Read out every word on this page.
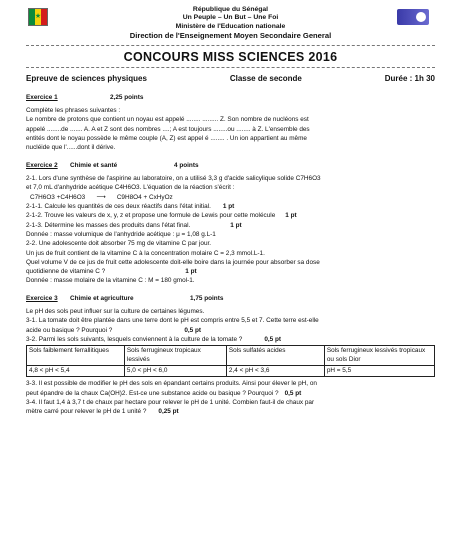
★
République du Sénégal
Un Peuple – Un But – Une Foi
Ministère de l'Education nationale
Direction de l'Enseignement Moyen Secondaire General
CONCOURS MISS SCIENCES 2016
Epreuve de sciences physiques	Classe de seconde	Durée : 1h 30
Exercice 1	2,25 points

Complète les phrases suivantes :

Le nombre de protons que contient un noyau est appelé ........ ......... Z. Son nombre de nucléons est

appelé ........de ....... A. A et Z sont des nombres ....; A est toujours ........ou ........ à Z. L'ensemble des

entités dont le noyau possède le même couple (A, Z) est appel é ........ . Un ion appartient au même

nucléide que l'......dont il dérive.

Exercice 2	Chimie et santé	4 points

2-1. Lors d'une synthèse de l'aspirine au laboratoire, on a utilisé 3,3 g d'acide salicylique solide C7H6O3

et 7,0 mL d'anhydride acétique C4H6O3. L'équation de la réaction s'écrit :

C7H6O3 +C4H6O3 ⟶ C9H8O4 + CxHyOz

2-1-1. Calcule les quantités de ces deux réactifs dans l'état initial. 1 pt

2-1-2. Trouve les valeurs de x, y, z et propose une formule de Lewis pour cette molécule 1 pt

2-1-3. Détermine les masses des produits dans l'état final.	1 pt

Donnée : masse volumique de l'anhydride acétique : μ = 1,08 g.L-1

2-2. Une adolescente doit absorber 75 mg de vitamine C par jour.

Un jus de fruit contient de la vitamine C à la concentration molaire C = 2,3 mmol.L-1.

Quel volume V de ce jus de fruit cette adolescente doit-elle boire dans la journée pour absorber sa dose

quotidienne de vitamine C ?	1 pt

Donnée : masse molaire de la vitamine C : M = 180 gmol-1.

Exercice 3	Chimie et agriculture	1,75 points

Le pH des sols peut influer sur la culture de certaines légumes.

3-1. La tomate doit être plantée dans une terre dont le pH est compris entre 5,5 et 7. Cette terre est-elle

acide ou basique ? Pourquoi ?	0,5 pt

3-2. Parmi les sols suivants, lesquels conviennent à la culture de la tomate ?	0,5 pt

Sols faiblement ferrallitiques	Sols ferrugineux tropicaux lessivés	Sols sulfatés acides	Sols ferrugineux lessivés tropicaux ou sols Dior
4,8 < pH < 5,4	5,0 < pH < 6,0	2,4 < pH < 3,6	pH = 5,5

3-3. Il est possible de modifier le pH des sols en épandant certains produits. Ainsi pour élever le pH, on

peut épandre de la chaux Ca(OH)2. Est-ce une substance acide ou basique ? Pourquoi ? 0,5 pt

3-4. Il faut 1,4 à 3,7 t de chaux par hectare pour relever le pH de 1 unité. Combien faut-il de chaux par

mètre carré pour relever le pH de 1 unité ? 0,25 pt
